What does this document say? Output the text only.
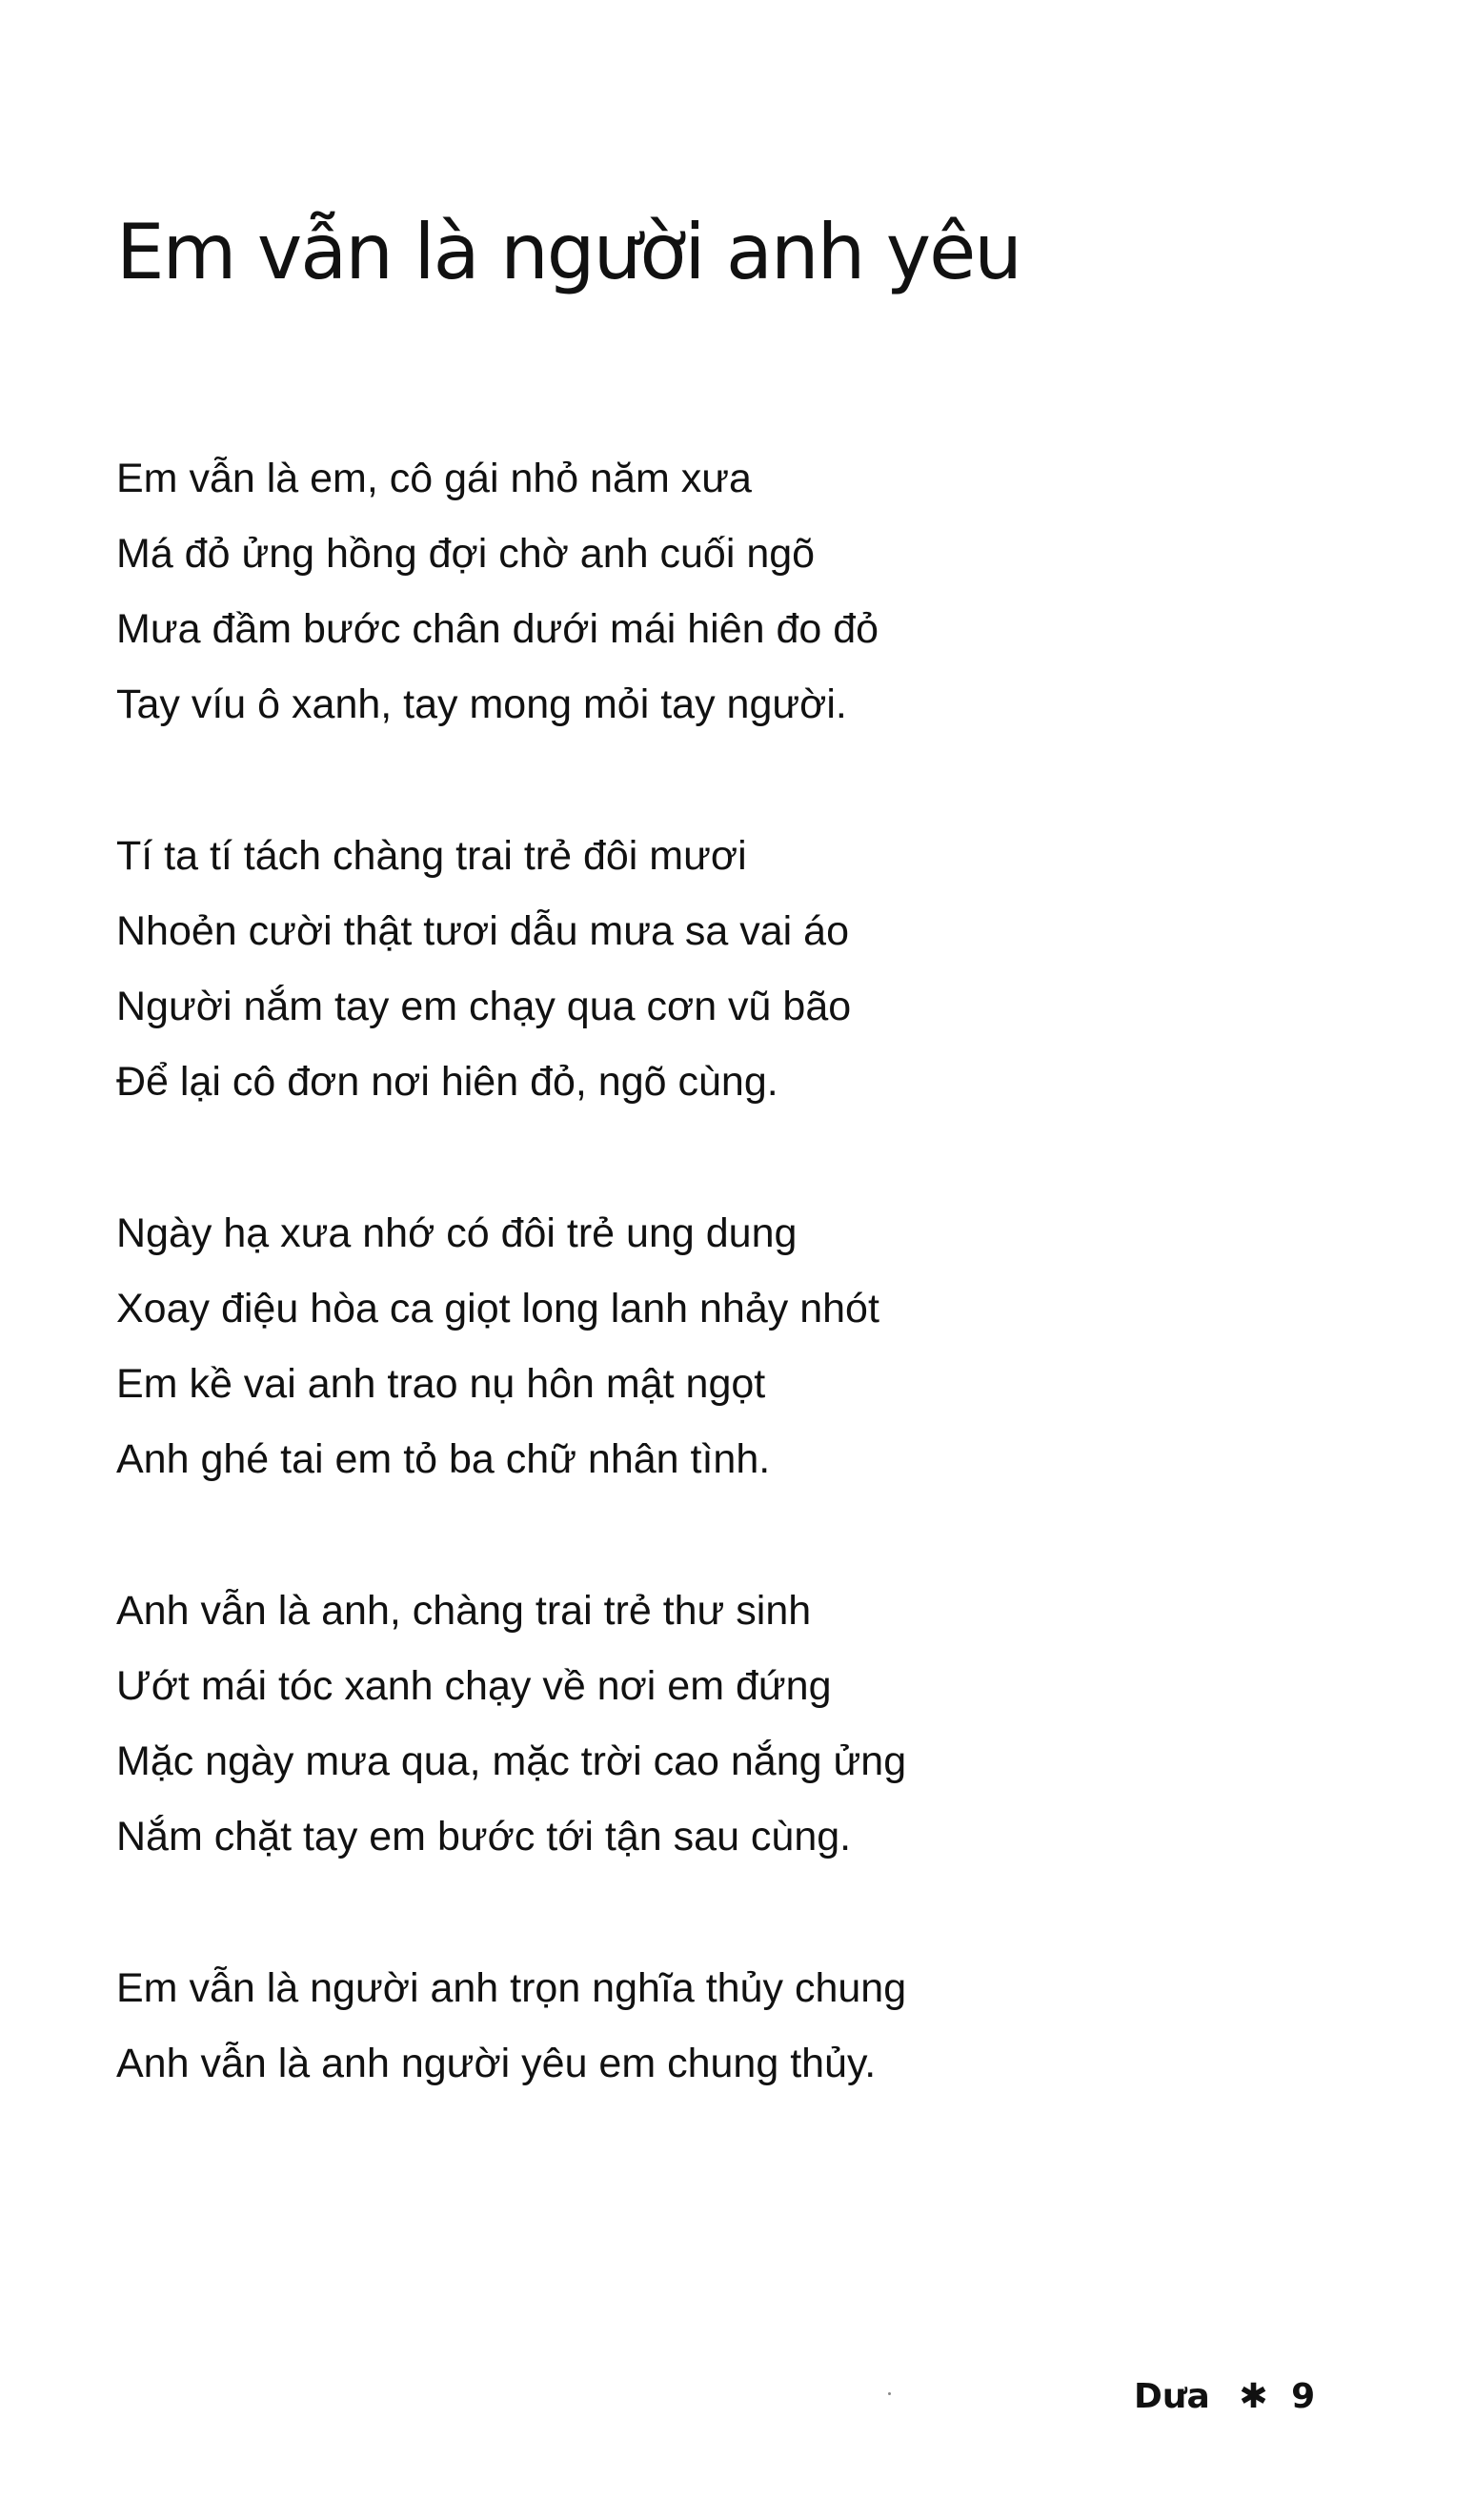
Em vẫn là người anh yêu
Em vẫn là em, cô gái nhỏ năm xưa
Má đỏ ửng hồng đợi chờ anh cuối ngõ
Mưa đầm bước chân dưới mái hiên đo đỏ
Tay víu ô xanh, tay mong mỏi tay người.
Tí ta tí tách chàng trai trẻ đôi mươi
Nhoẻn cười thật tươi dẫu mưa sa vai áo
Người nắm tay em chạy qua cơn vũ bão
Để lại cô đơn nơi hiên đỏ, ngõ cùng.
Ngày hạ xưa nhớ có đôi trẻ ung dung
Xoay điệu hòa ca giọt long lanh nhảy nhót
Em kề vai anh trao nụ hôn mật ngọt
Anh ghé tai em tỏ ba chữ nhân tình.
Anh vẫn là anh, chàng trai trẻ thư sinh
Ướt mái tóc xanh chạy về nơi em đứng
Mặc ngày mưa qua, mặc trời cao nắng ửng
Nắm chặt tay em bước tới tận sau cùng.
Em vẫn là người anh trọn nghĩa thủy chung
Anh vẫn là anh người yêu em chung thủy.
Dưa ✱ 9
